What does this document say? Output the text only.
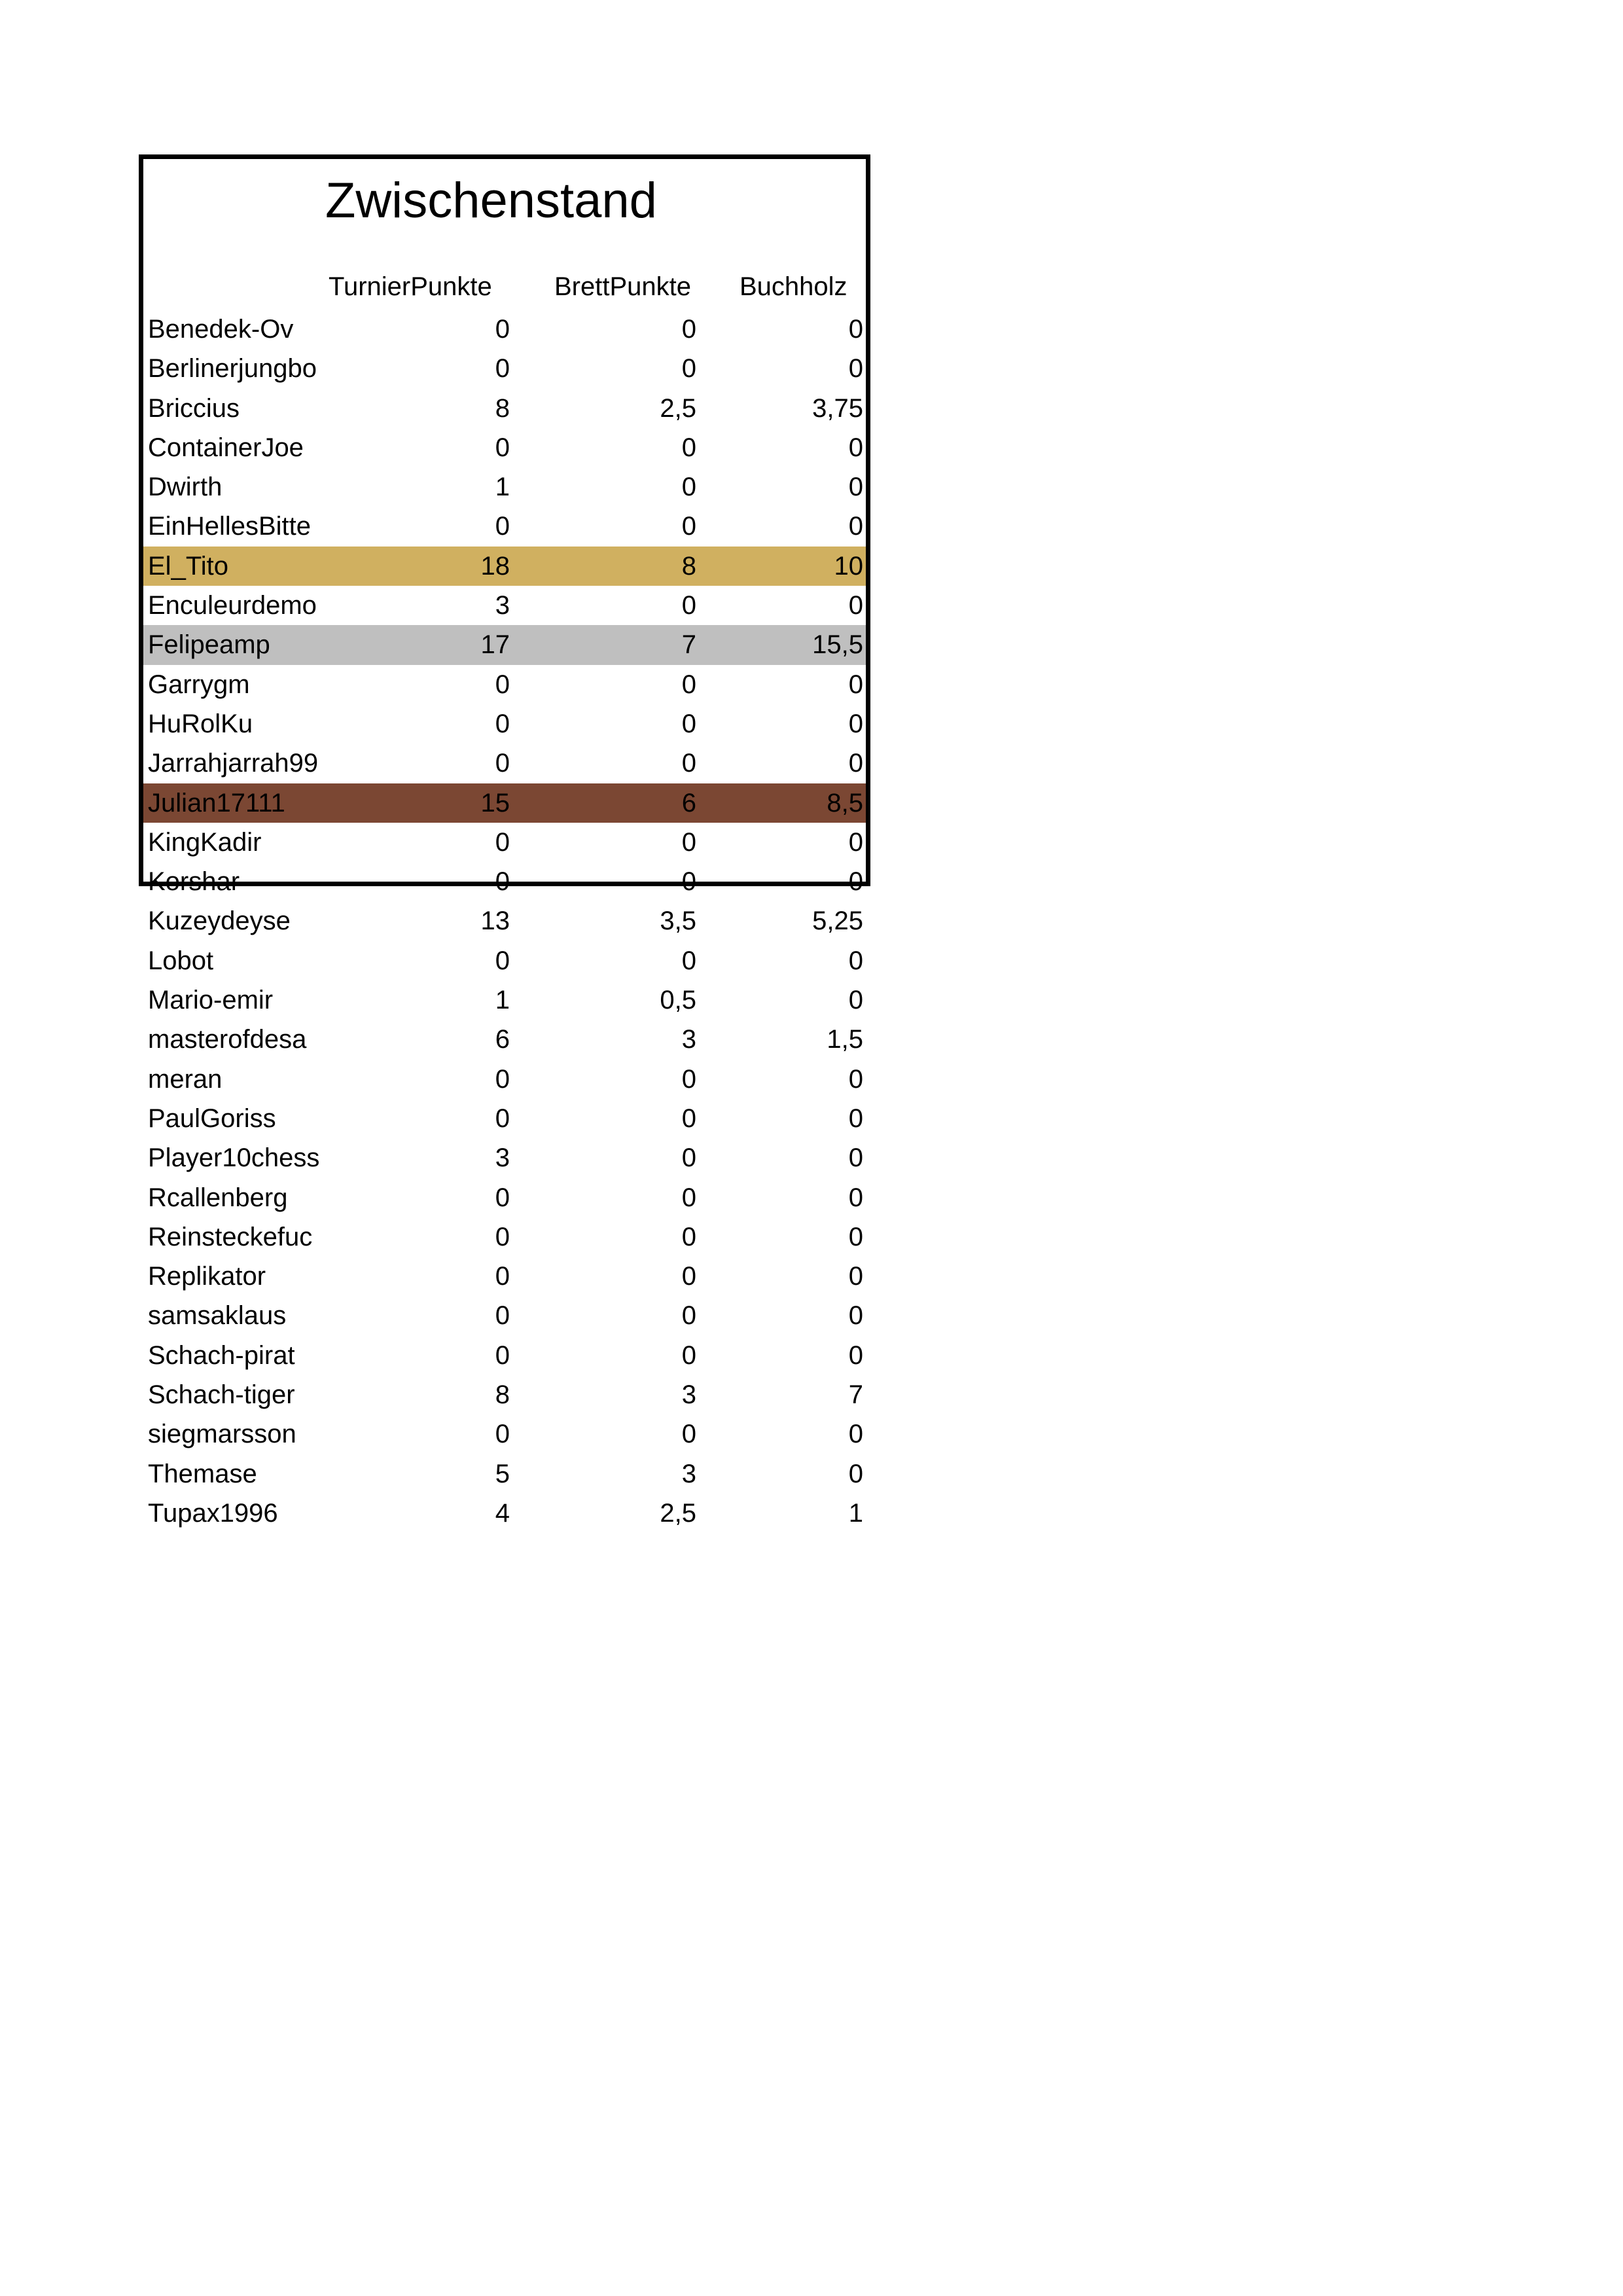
Zwischenstand
TurnierPunkte BrettPunkte Buchholz
Benedek-Ov	0	0	0
Berlinerjungbo	0	0	0
Briccius	8	2,5	3,75
ContainerJoe	0	0	0
Dwirth	1	0	0
EinHellesBitte	0	0	0
El_Tito	18	8	10
Enculeurdemo	3	0	0
Felipeamp	17	7	15,5
Garrygm	0	0	0
HuRolKu	0	0	0
Jarrahjarrah99	0	0	0
Julian17111	15	6	8,5
KingKadir	0	0	0
Korshar	0	0	0
Kuzeydeyse	13	3,5	5,25
Lobot	0	0	0
Mario-emir	1	0,5	0
masterofdesa	6	3	1,5
meran	0	0	0
PaulGoriss	0	0	0
Player10chess	3	0	0
Rcallenberg	0	0	0
Reinsteckefuc	0	0	0
Replikator	0	0	0
samsaklaus	0	0	0
Schach-pirat	0	0	0
Schach-tiger	8	3	7
siegmarsson	0	0	0
Themase	5	3	0
Tupax1996	4	2,5	1
